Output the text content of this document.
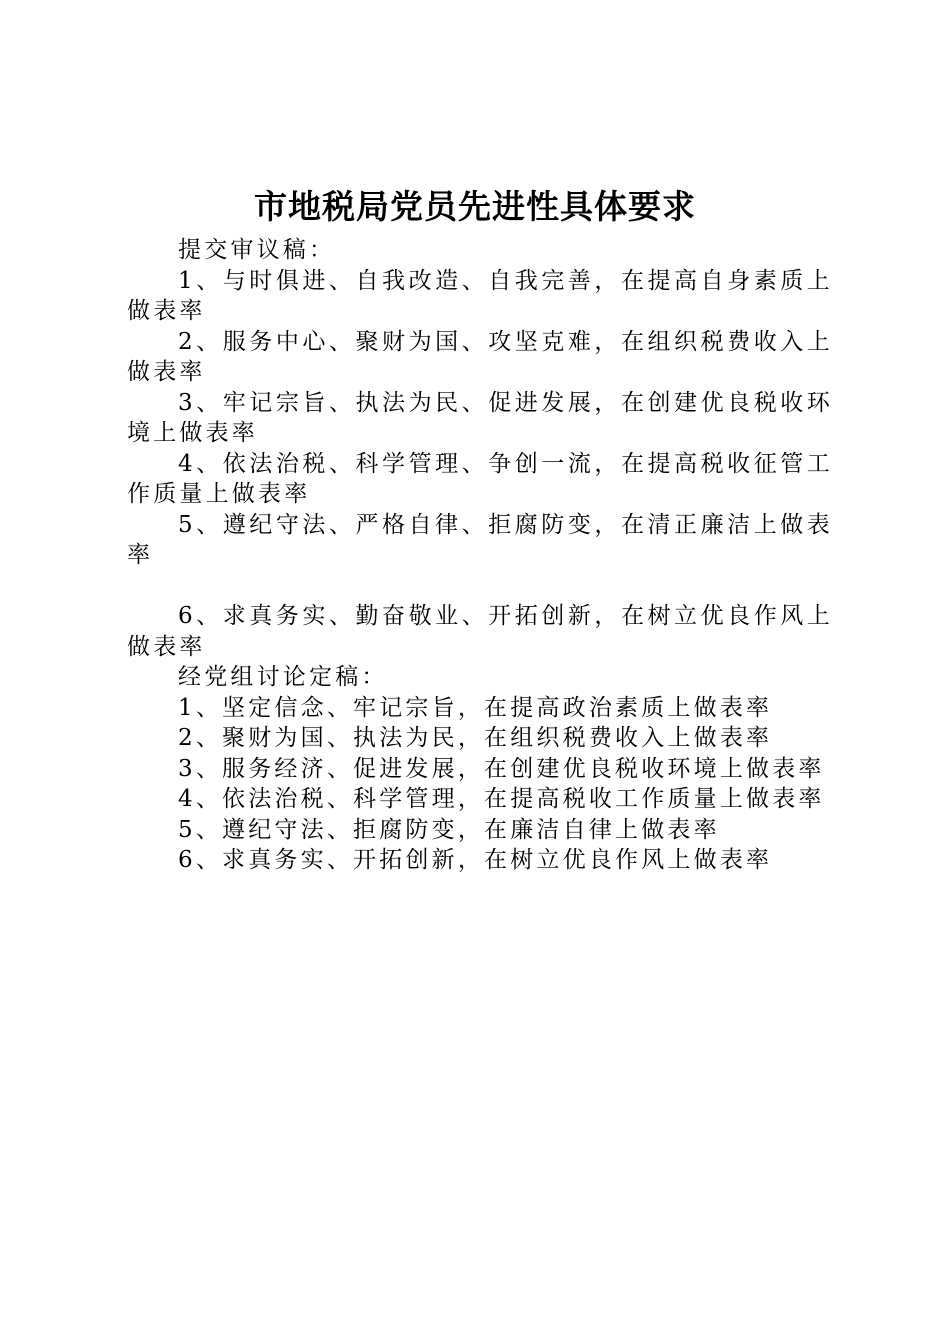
市地税局党员先进性具体要求

提交审议稿：

1、与时俱进、自我改造、自我完善，在提高自身素质上做表率

2、服务中心、聚财为国、攻坚克难，在组织税费收入上做表率

3、牢记宗旨、执法为民、促进发展，在创建优良税收环境上做表率

4、依法治税、科学管理、争创一流，在提高税收征管工作质量上做表率

5、遵纪守法、严格自律、拒腐防变，在清正廉洁上做表率

6、求真务实、勤奋敬业、开拓创新，在树立优良作风上做表率

经党组讨论定稿：

1、坚定信念、牢记宗旨，在提高政治素质上做表率

2、聚财为国、执法为民，在组织税费收入上做表率

3、服务经济、促进发展，在创建优良税收环境上做表率

4、依法治税、科学管理，在提高税收工作质量上做表率

5、遵纪守法、拒腐防变，在廉洁自律上做表率

6、求真务实、开拓创新，在树立优良作风上做表率
